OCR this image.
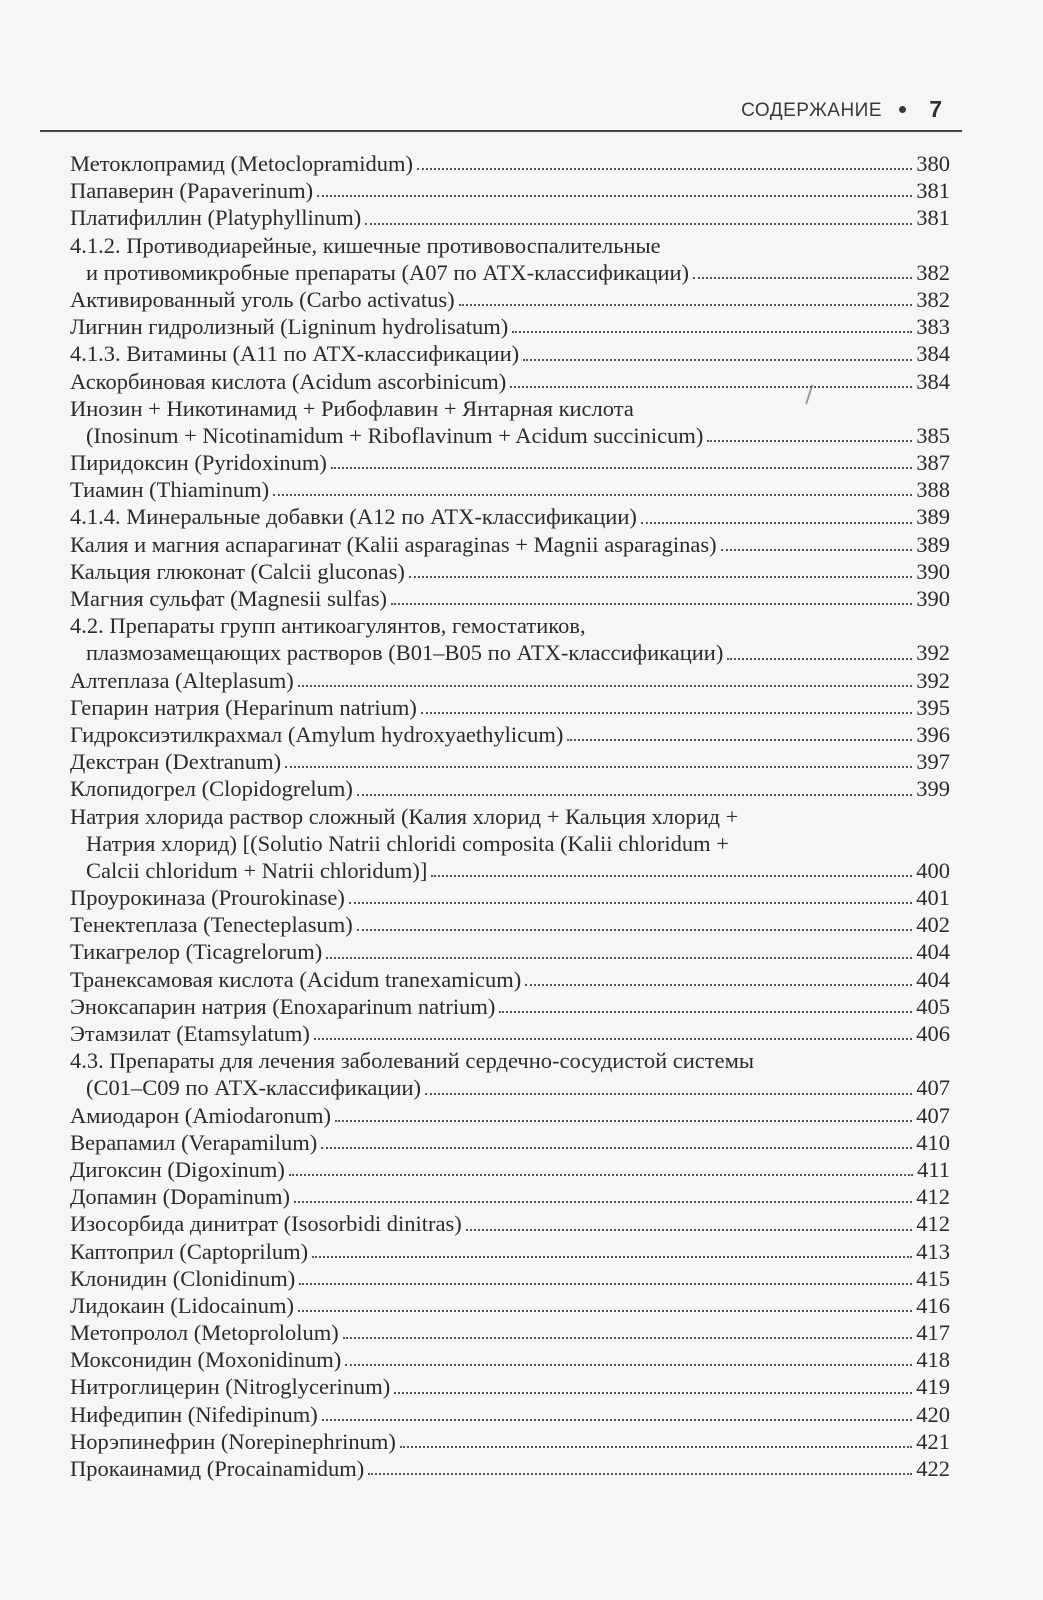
СОДЕРЖАНИЕ 7
Метоклопрамид (Metoclopramidum)	380
Папаверин (Papaverinum)	381
Платифиллин (Platyphyllinum)	381
4.1.2. Противодиарейные, кишечные противовоспалительные
и противомикробные препараты (А07 по АТХ-классификации)	382
Активированный уголь (Carbo activatus)	382
Лигнин гидролизный (Ligninum hydrolisatum)	383
4.1.3. Витамины (А11 по АТХ-классификации)	384
Аскорбиновая кислота (Acidum ascorbinicum)	384
Инозин + Никотинамид + Рибофлавин + Янтарная кислота
(Inosinum + Nicotinamidum + Riboflavinum + Acidum succinicum)	385
Пиридоксин (Pyridoxinum)	387
Тиамин (Thiaminum)	388
4.1.4. Минеральные добавки (А12 по АТХ-классификации)	389
Калия и магния аспарагинат (Kalii asparaginas + Magnii asparaginas)	389
Кальция глюконат (Calcii gluconas)	390
Магния сульфат (Magnesii sulfas)	390
4.2. Препараты групп антикоагулянтов, гемостатиков,
плазмозамещающих растворов (В01–В05 по АТХ-классификации)	392
Алтеплаза (Alteplasum)	392
Гепарин натрия (Heparinum natrium)	395
Гидроксиэтилкрахмал (Amylum hydroxyaethylicum)	396
Декстран (Dextranum)	397
Клопидогрел (Clopidogrelum)	399
Натрия хлорида раствор сложный (Калия хлорид + Кальция хлорид +
Натрия хлорид) [(Solutio Natrii chloridi composita (Kalii chloridum +
Calcii chloridum + Natrii chloridum)]	400
Проурокиназа (Prourokinase)	401
Тенектеплаза (Tenecteplasum)	402
Тикагрелор (Ticagrelorum)	404
Транексамовая кислота (Acidum tranexamicum)	404
Эноксапарин натрия (Enoxaparinum natrium)	405
Этамзилат (Etamsylatum)	406
4.3. Препараты для лечения заболеваний сердечно-сосудистой системы
(С01–С09 по АТХ-классификации)	407
Амиодарон (Amiodaronum)	407
Верапамил (Verapamilum)	410
Дигоксин (Digoxinum)	411
Допамин (Dopaminum)	412
Изосорбида динитрат (Isosorbidi dinitras)	412
Каптоприл (Captoprilum)	413
Клонидин (Clonidinum)	415
Лидокаин (Lidocainum)	416
Метопролол (Metoprololum)	417
Моксонидин (Moxonidinum)	418
Нитроглицерин (Nitroglycerinum)	419
Нифедипин (Nifedipinum)	420
Норэпинефрин (Norepinephrinum)	421
Прокаинамид (Procainamidum)	422
